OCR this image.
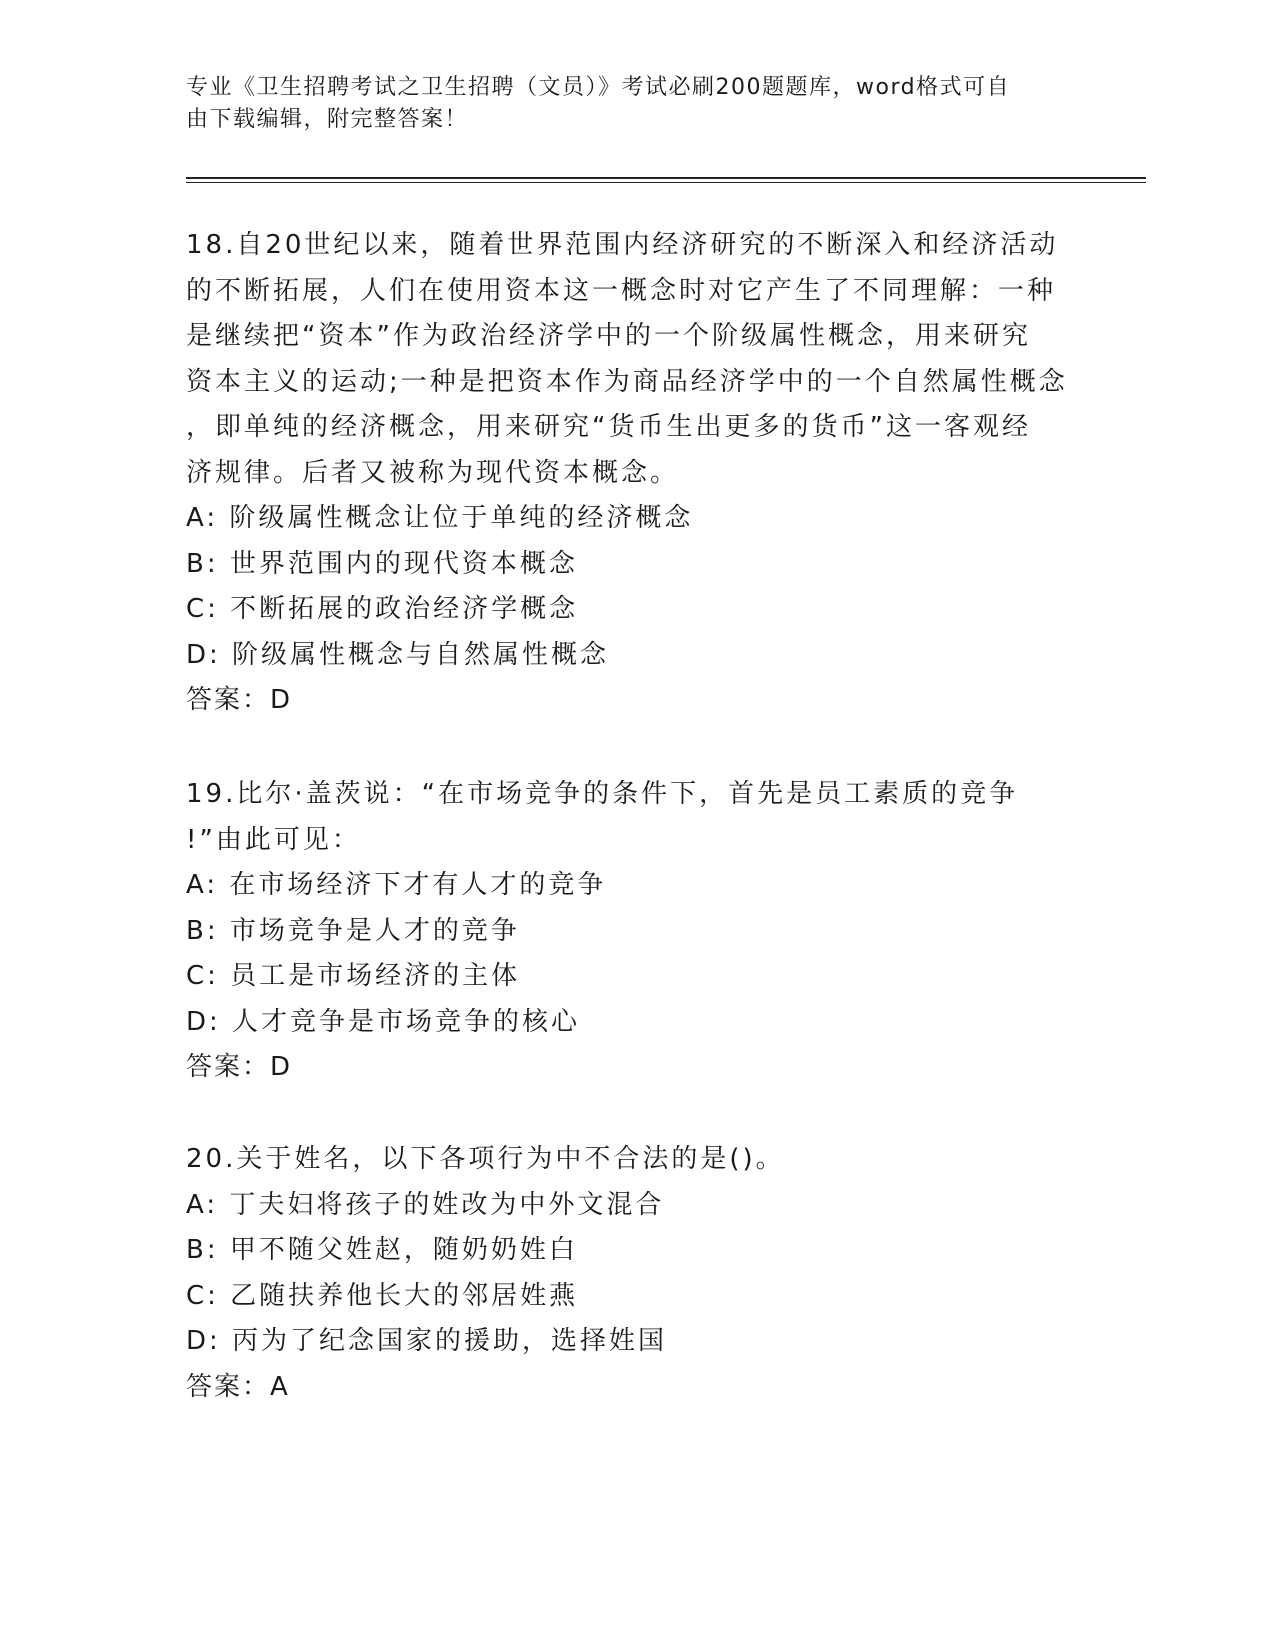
专业《卫生招聘考试之卫生招聘（文员）》考试必刷200题题库，word格式可自
由下载编辑，附完整答案！
18.自20世纪以来，随着世界范围内经济研究的不断深入和经济活动
的不断拓展，人们在使用资本这一概念时对它产生了不同理解：一种
是继续把“资本”作为政治经济学中的一个阶级属性概念，用来研究
资本主义的运动;一种是把资本作为商品经济学中的一个自然属性概念
，即单纯的经济概念，用来研究“货币生出更多的货币”这一客观经
济规律。后者又被称为现代资本概念。
A: 阶级属性概念让位于单纯的经济概念
B: 世界范围内的现代资本概念
C: 不断拓展的政治经济学概念
D: 阶级属性概念与自然属性概念
答案：D
19.比尔·盖茨说：“在市场竞争的条件下，首先是员工素质的竞争
!”由此可见：
A: 在市场经济下才有人才的竞争
B: 市场竞争是人才的竞争
C: 员工是市场经济的主体
D: 人才竞争是市场竞争的核心
答案：D
20.关于姓名，以下各项行为中不合法的是()。
A: 丁夫妇将孩子的姓改为中外文混合
B: 甲不随父姓赵，随奶奶姓白
C: 乙随扶养他长大的邻居姓燕
D: 丙为了纪念国家的援助，选择姓国
答案：A
